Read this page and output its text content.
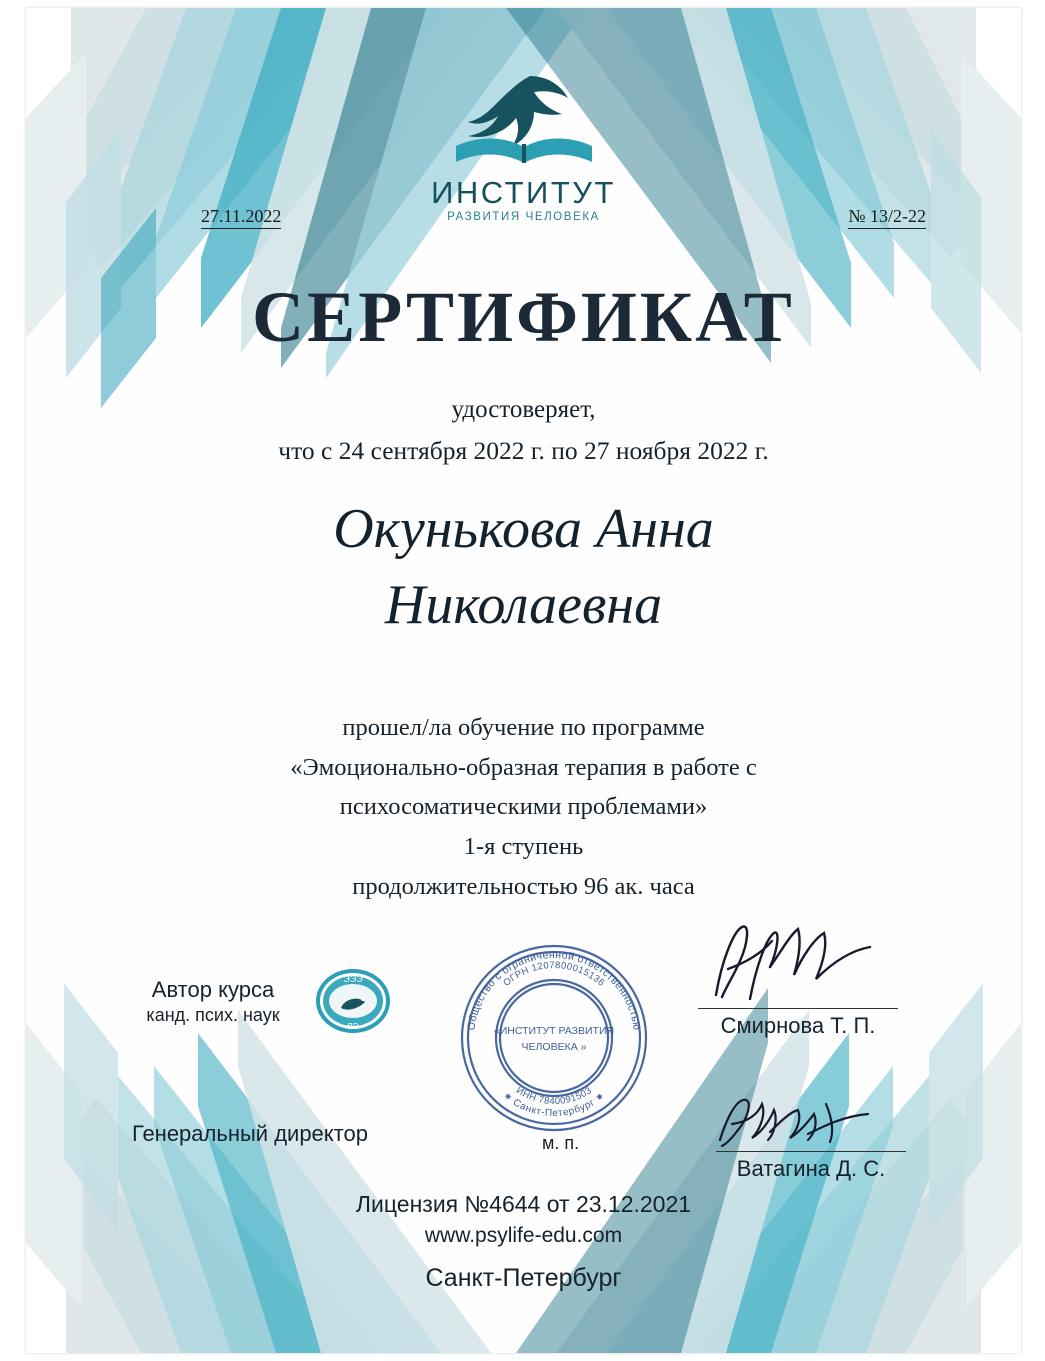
ИНСТИТУТ
РАЗВИТИЯ ЧЕЛОВЕКА
27.11.2022	№ 13/2-22
СЕРТИФИКАТ
удостоверяет,
что с 24 сентября 2022 г. по 27 ноября 2022 г.
Окунькова Анна
Николаевна
прошел/ла обучение по программе
«Эмоционально-образная терапия в работе с
психосоматическими проблемами»
1-я ступень
продолжительностью 96 ак. часа
ЭЭЭ
ВР	Общество с ограниченной ответственностью
ОГРН 1207800015136
✷ Санкт-Петербург ✷
ИНН 7840091503
«ИНСТИТУТ РАЗВИТИЯ
ЧЕЛОВЕКА »
Автор курса
канд. псих. наук
Генеральный директор
Смирнова Т. П.
Ватагина Д. С.
м. п.
Лицензия №4644 от 23.12.2021
www.psylife-edu.com
Санкт-Петербург
